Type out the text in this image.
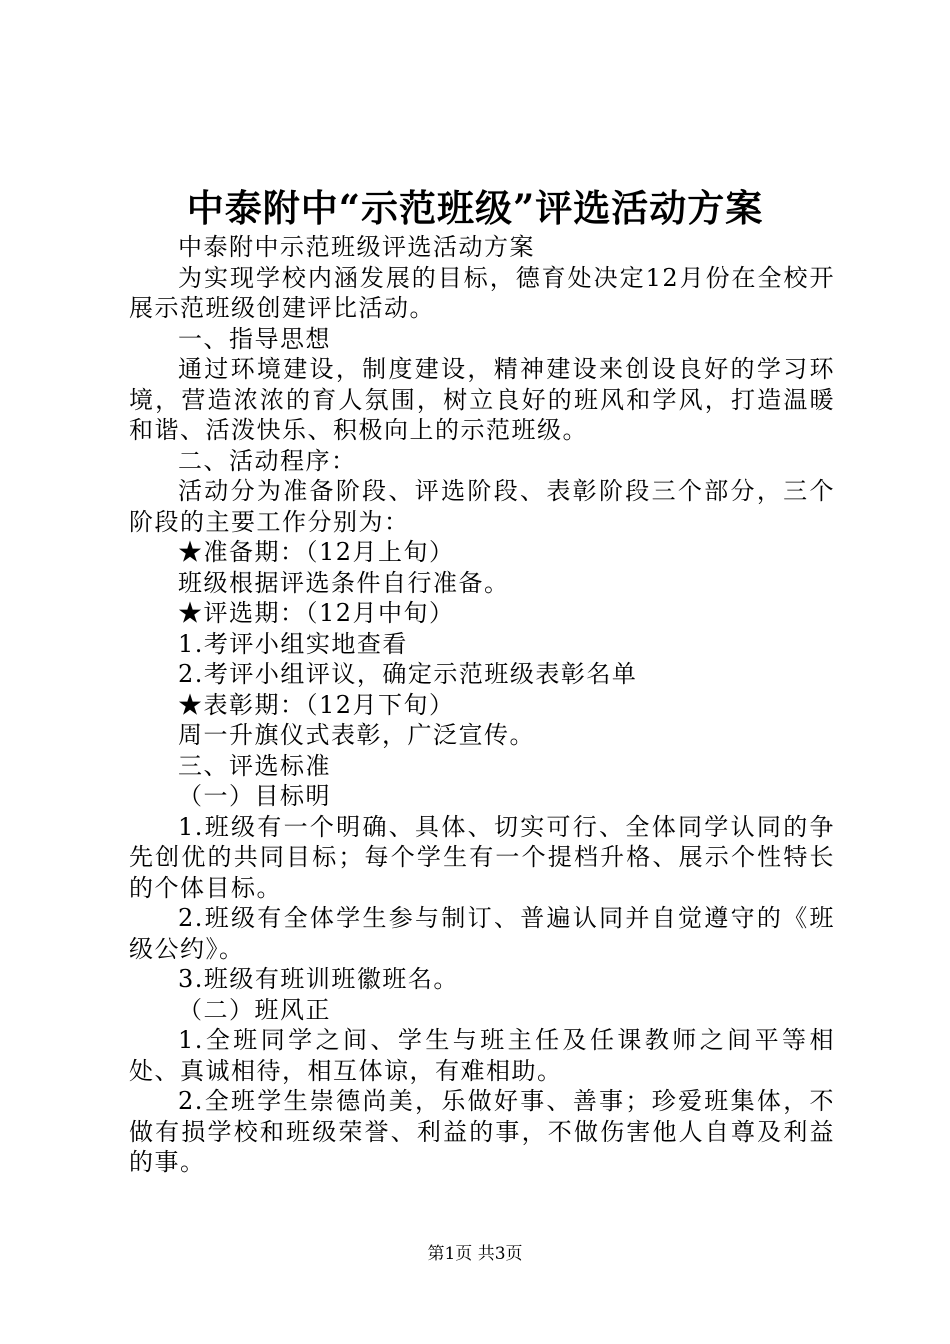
中泰附中“示范班级”评选活动方案

中泰附中示范班级评选活动方案

为实现学校内涵发展的目标，德育处决定12月份在全校开展示范班级创建评比活动。

一、指导思想

通过环境建设，制度建设，精神建设来创设良好的学习环境，营造浓浓的育人氛围，树立良好的班风和学风，打造温暖和谐、活泼快乐、积极向上的示范班级。

二、活动程序：

活动分为准备阶段、评选阶段、表彰阶段三个部分，三个阶段的主要工作分别为：

★准备期：（12月上旬）

班级根据评选条件自行准备。

★评选期：（12月中旬）

1.考评小组实地查看

2.考评小组评议，确定示范班级表彰名单

★表彰期：（12月下旬）

周一升旗仪式表彰，广泛宣传。

三、评选标准

（一）目标明

1.班级有一个明确、具体、切实可行、全体同学认同的争先创优的共同目标；每个学生有一个提档升格、展示个性特长的个体目标。

2.班级有全体学生参与制订、普遍认同并自觉遵守的《班级公约》。

3.班级有班训班徽班名。

（二）班风正

1.全班同学之间、学生与班主任及任课教师之间平等相处、真诚相待，相互体谅，有难相助。

2.全班学生崇德尚美，乐做好事、善事；珍爱班集体，不做有损学校和班级荣誉、利益的事，不做伤害他人自尊及利益的事。

第1页 共3页
